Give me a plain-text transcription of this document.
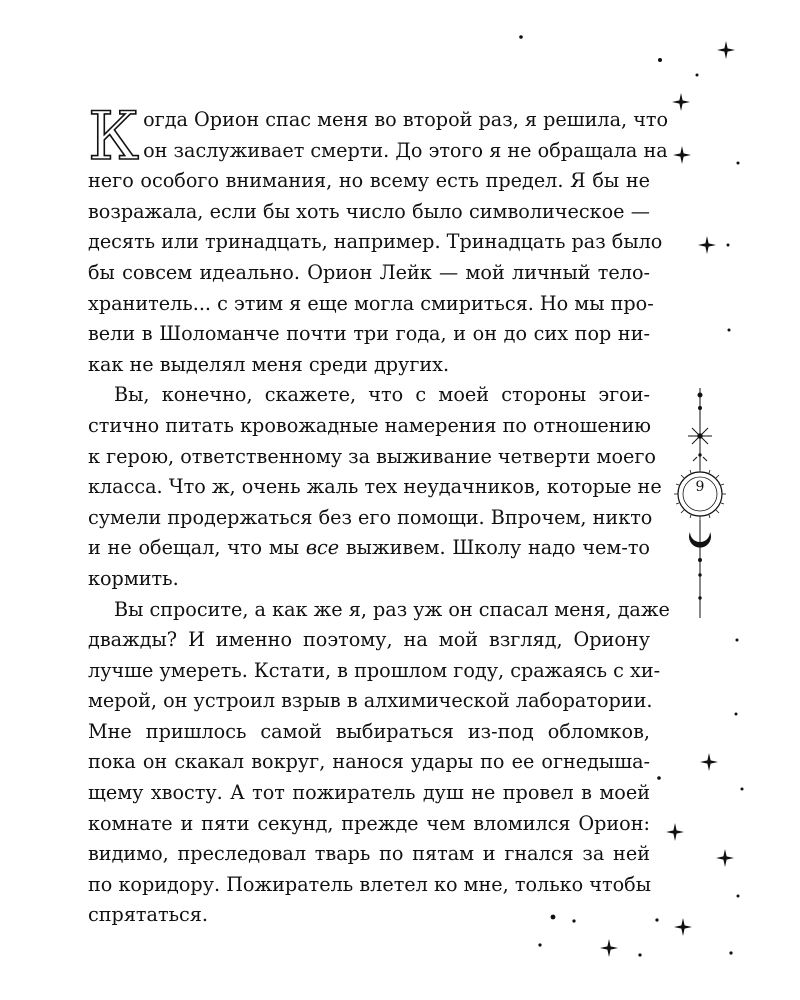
9
К огда Орион спас меня во второй раз, я решила, что
он заслуживает смерти. До этого я не обращала на
него особого внимания, но всему есть предел. Я бы не
возражала, если бы хоть число было символическое —
десять или тринадцать, например. Тринадцать раз было
бы совсем идеально. Орион Лейк — мой личный тело-
хранитель... с этим я еще могла смириться. Но мы про-
вели в Шоломанче почти три года, и он до сих пор ни-
как не выделял меня среди других.
Вы, конечно, скажете, что с моей стороны эгои-
стично питать кровожадные намерения по отношению
к герою, ответственному за выживание четверти моего
класса. Что ж, очень жаль тех неудачников, которые не
сумели продержаться без его помощи. Впрочем, никто
и не обещал, что мы все выживем. Школу надо чем-то
кормить.
Вы спросите, а как же я, раз уж он спасал меня, даже
дважды? И именно поэтому, на мой взгляд, Ориону
лучше умереть. Кстати, в прошлом году, сражаясь с хи-
мерой, он устроил взрыв в алхимической лаборатории.
Мне пришлось самой выбираться из-под обломков,
пока он скакал вокруг, нанося удары по ее огнедыша-
щему хвосту. А тот пожиратель душ не провел в моей
комнате и пяти секунд, прежде чем вломился Орион:
видимо, преследовал тварь по пятам и гнался за ней
по коридору. Пожиратель влетел ко мне, только чтобы
спрятаться.
